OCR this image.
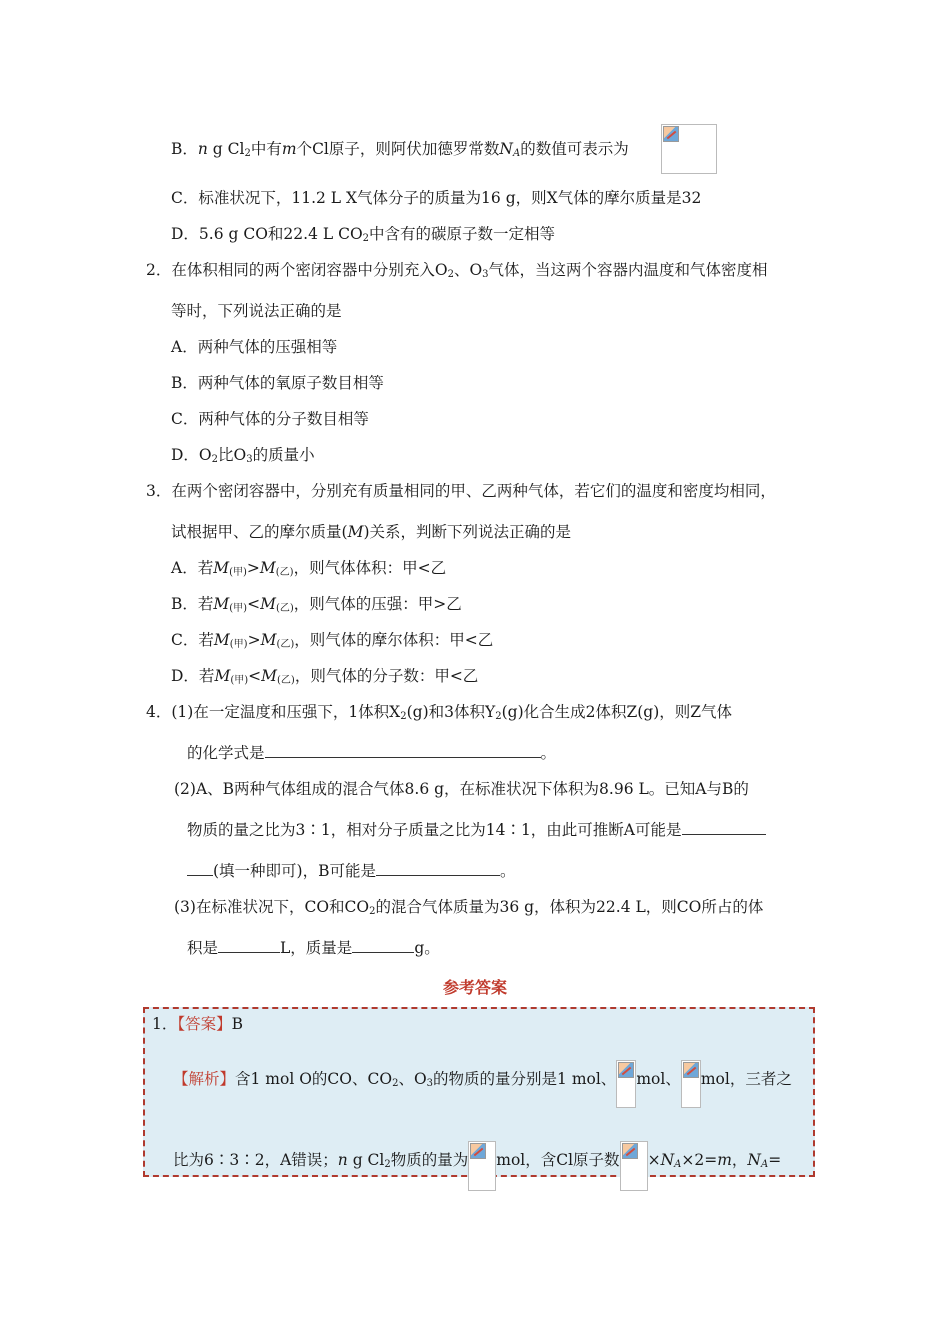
B．n g $Cl_2$中有m个Cl原子，则阿伏加德罗常数$N_A$的数值可表示为
C．标准状况下，11.2 L X气体分子的质量为16 g，则X气体的摩尔质量是32
D．5.6 g CO和22.4 L $CO_2$中含有的碳原子数一定相等
2．在体积相同的两个密闭容器中分别充入$O_2$、$O_3$气体，当这两个容器内温度和气体密度相
等时，下列说法正确的是
A．两种气体的压强相等
B．两种气体的氧原子数目相等
C．两种气体的分子数目相等
D．$O_2$比$O_3$的质量小
3．在两个密闭容器中，分别充有质量相同的甲、乙两种气体，若它们的温度和密度均相同，
试根据甲、乙的摩尔质量(M)关系，判断下列说法正确的是
A．若$M_{(甲)}>M_{(乙)}$，则气体体积：甲<乙
B．若$M_{(甲)}<M_{(乙)}$，则气体的压强：甲>乙
C．若$M_{(甲)}>M_{(乙)}$，则气体的摩尔体积：甲<乙
D．若$M_{(甲)}<M_{(乙)}$，则气体的分子数：甲<乙
4．(1)在一定温度和压强下，1体积$X_2(g)$和3体积$Y_2(g)$化合生成2体积Z(g)，则Z气体
的化学式是	。
(2)A、B两种气体组成的混合气体8.6 g，在标准状况下体积为8.96 L。已知A与B的
物质的量之比为3∶1，相对分子质量之比为14∶1，由此可推断A可能是
(填一种即可)，B可能是	。
(3)在标准状况下，CO和$CO_2$的混合气体质量为36 g，体积为22.4 L，则CO所占的体
积是	L，质量是	g。
参考答案
1．【答案】B
【解析】含1 mol O的CO、$CO_2$、$O_3$的物质的量分别是1 mol、 mol、 mol，三者之
比为6∶3∶2，A错误；n g $Cl_2$物质的量为 mol，含Cl原子数 $\times N_A\times 2=m$，$N_A=$
